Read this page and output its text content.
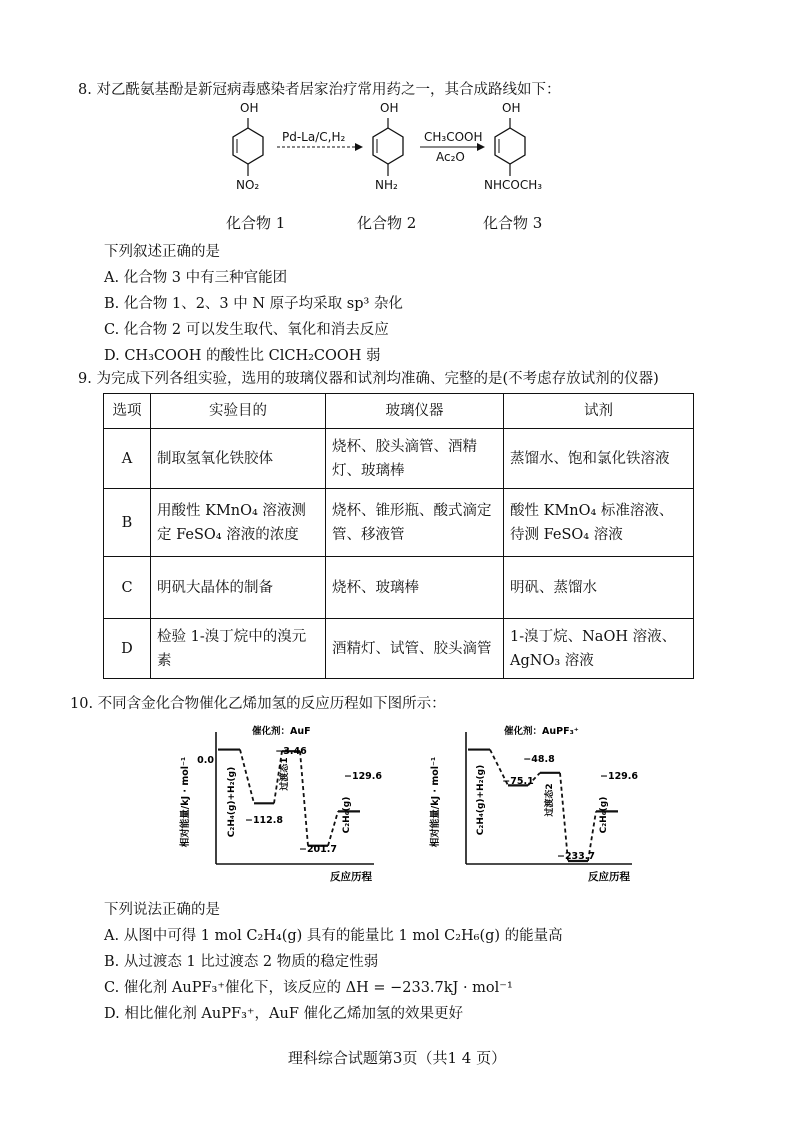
8. 对乙酰氨基酚是新冠病毒感染者居家治疗常用药之一，其合成路线如下：
OH	OH	OH
NO₂	NH₂	NHCOCH₃
Pd-La/C,H₂	CH₃COOH
Ac₂O
化合物 1	化合物 2	化合物 3
下列叙述正确的是
A. 化合物 3 中有三种官能团
B. 化合物 1、2、3 中 N 原子均采取 sp³ 杂化
C. 化合物 2 可以发生取代、氧化和消去反应
D. CH₃COOH 的酸性比 ClCH₂COOH 弱
9. 为完成下列各组实验，选用的玻璃仪器和试剂均准确、完整的是(不考虑存放试剂的仪器)
选项	实验目的	玻璃仪器	试剂
A	制取氢氧化铁胶体	烧杯、胶头滴管、酒精灯、玻璃棒	蒸馏水、饱和氯化铁溶液
B	用酸性 KMnO₄ 溶液测定 FeSO₄ 溶液的浓度	烧杯、锥形瓶、酸式滴定管、移液管	酸性 KMnO₄ 标准溶液、待测 FeSO₄ 溶液
C	明矾大晶体的制备	烧杯、玻璃棒	明矾、蒸馏水
D	检验 1-溴丁烷中的溴元素	酒精灯、试管、胶头滴管	1-溴丁烷、NaOH 溶液、AgNO₃ 溶液
10. 不同含金化合物催化乙烯加氢的反应历程如下图所示：
反应历程
相对能量/kJ · mol⁻¹
催化剂：AuF
0.0
−112.8
−3.46
−201.7
−129.6
C₂H₄(g)+H₂(g)	过渡态1
C₂H₆(g)
反应历程
相对能量/kJ · mol⁻¹
催化剂：AuPF₃⁺
−75.1
−48.8
−233.7
−129.6
C₂H₄(g)+H₂(g)	过渡态2	C₂H₆(g)
下列说法正确的是
A. 从图中可得 1 mol C₂H₄(g) 具有的能量比 1 mol C₂H₆(g) 的能量高
B. 从过渡态 1 比过渡态 2 物质的稳定性弱
C. 催化剂 AuPF₃⁺催化下，该反应的 ΔH = −233.7kJ · mol⁻¹
D. 相比催化剂 AuPF₃⁺，AuF 催化乙烯加氢的效果更好
理科综合试题第3页（共1 4 页）
